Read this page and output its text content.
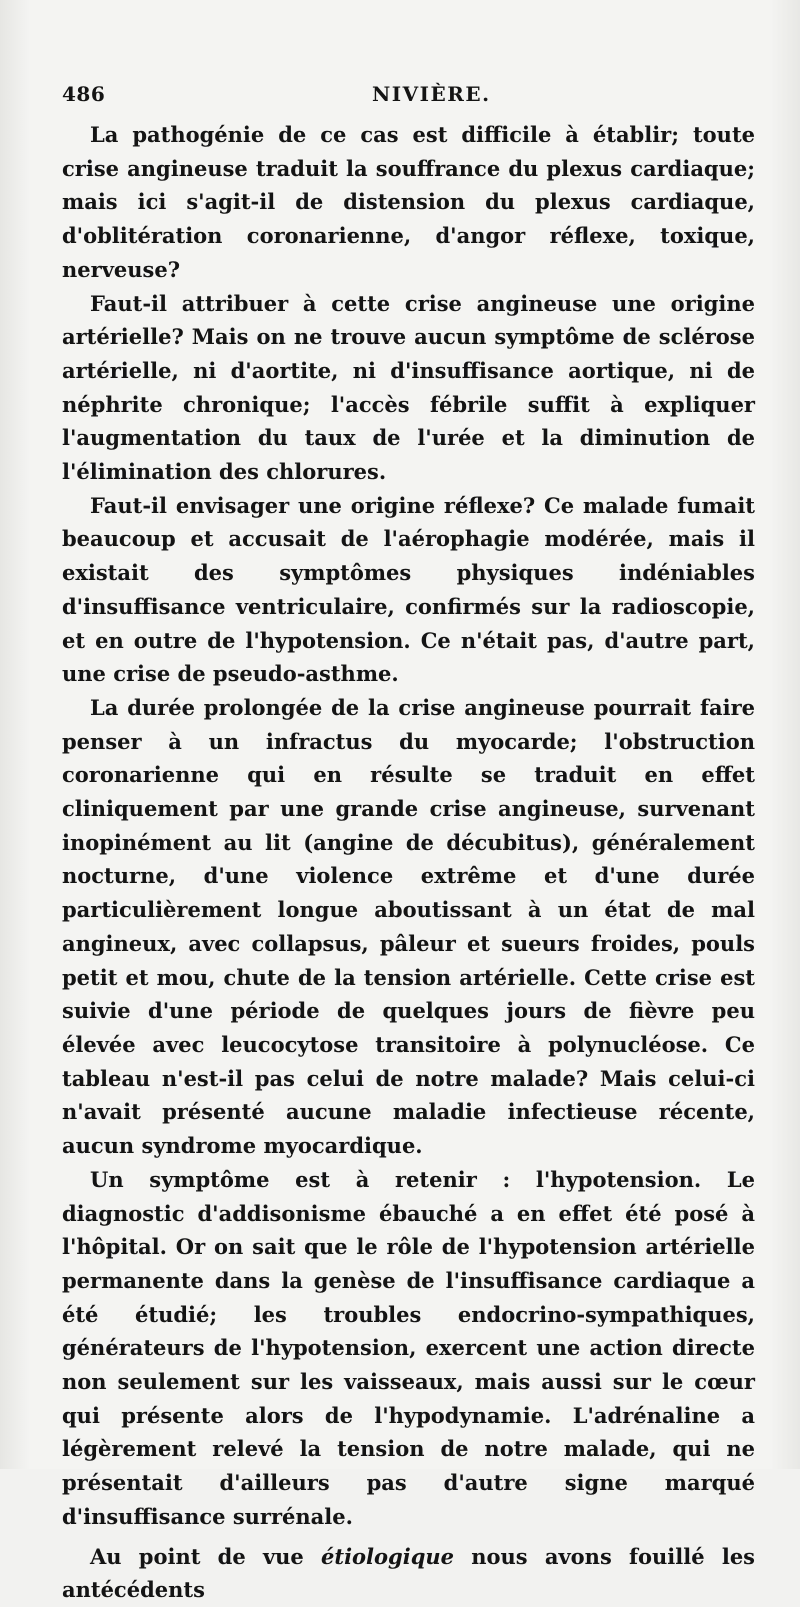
486	NIVIÈRE.

La pathogénie de ce cas est difficile à établir; toute crise angineuse traduit la souffrance du plexus cardiaque; mais ici s'agit-il de distension du plexus cardiaque, d'oblitération coronarienne, d'angor réflexe, toxique, nerveuse?

Faut-il attribuer à cette crise angineuse une origine artérielle? Mais on ne trouve aucun symptôme de sclérose artérielle, ni d'aortite, ni d'insuffisance aortique, ni de néphrite chronique; l'accès fébrile suffit à expliquer l'augmentation du taux de l'urée et la diminution de l'élimination des chlorures.

Faut-il envisager une origine réflexe? Ce malade fumait beaucoup et accusait de l'aérophagie modérée, mais il existait des symptômes physiques indéniables d'insuffisance ventriculaire, confirmés sur la radioscopie, et en outre de l'hypotension. Ce n'était pas, d'autre part, une crise de pseudo-asthme.

La durée prolongée de la crise angineuse pourrait faire penser à un infractus du myocarde; l'obstruction coronarienne qui en résulte se traduit en effet cliniquement par une grande crise angineuse, survenant inopinément au lit (angine de décubitus), généralement nocturne, d'une violence extrême et d'une durée particulièrement longue aboutissant à un état de mal angineux, avec collapsus, pâleur et sueurs froides, pouls petit et mou, chute de la tension artérielle. Cette crise est suivie d'une période de quelques jours de fièvre peu élevée avec leucocytose transitoire à polynucléose. Ce tableau n'est-il pas celui de notre malade? Mais celui-ci n'avait présenté aucune maladie infectieuse récente, aucun syndrome myocardique.

Un symptôme est à retenir : l'hypotension. Le diagnostic d'addisonisme ébauché a en effet été posé à l'hôpital. Or on sait que le rôle de l'hypotension artérielle permanente dans la genèse de l'insuffisance cardiaque a été étudié; les troubles endocrino-sympathiques, générateurs de l'hypotension, exercent une action directe non seulement sur les vaisseaux, mais aussi sur le cœur qui présente alors de l'hypodynamie. L'adrénaline a légèrement relevé la tension de notre malade, qui ne présentait d'ailleurs pas d'autre signe marqué d'insuffisance surrénale.

Au point de vue étiologique nous avons fouillé les antécédents
